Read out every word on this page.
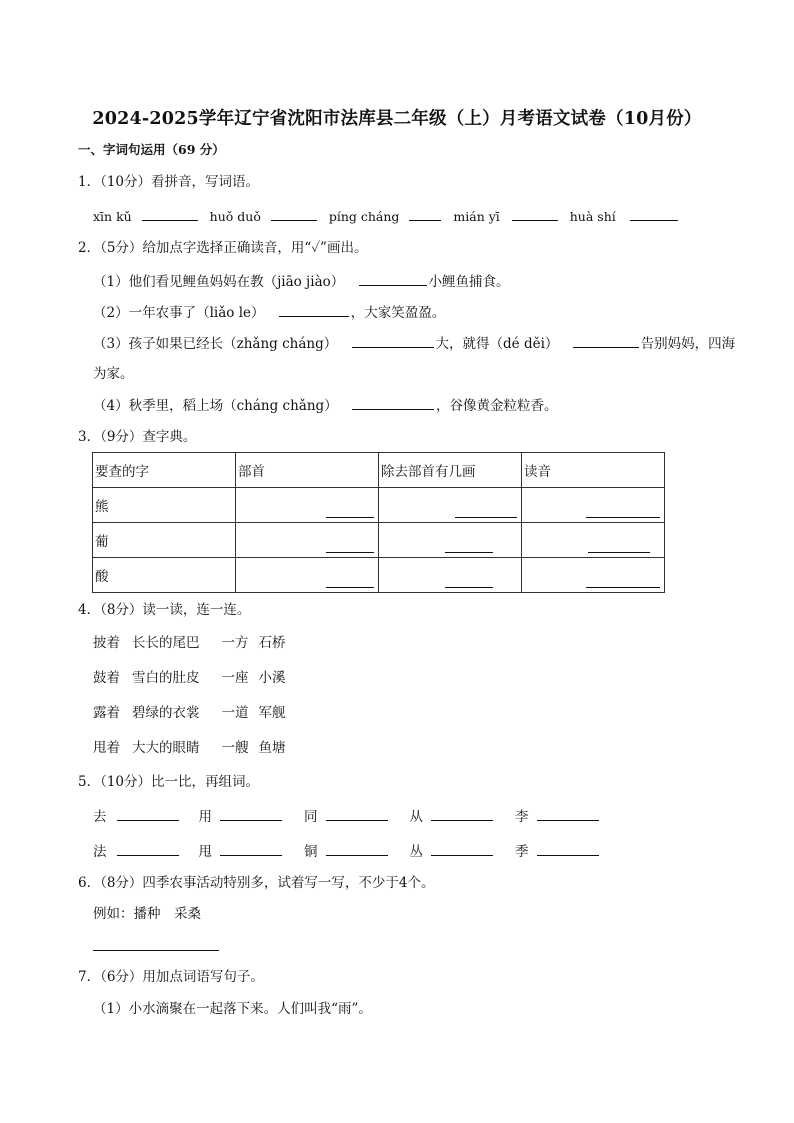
2024-2025学年辽宁省沈阳市法库县二年级（上）月考语文试卷（10月份）
一、字词句运用（69 分）
1．（10分）看拼音，写词语。
xīn kǔ	huǒ duǒ	píng cháng	mián yī	huà shí
2．（5分）给加点字选择正确读音，用“✓”画出。
（1）他们看见鲤鱼妈妈在教（jiāo jiào）	小鲤鱼捕食。
（2）一年农事了（liǎo le）	，大家笑盈盈。
（3）孩子如果已经长（zhǎng cháng）	大，就得（dé děi）	告别妈妈，四海
为家。
（4）秋季里，稻上场（cháng chǎng）	，谷像黄金粒粒香。
3．（9分）查字典。
要查的字	部首	除去部首有几画	读音
熊	

葡	

酸	

4．（8分）读一读，连一连。
披着 长长的尾巴 一方 石桥
鼓着 雪白的肚皮 一座 小溪
露着 碧绿的衣裳 一道 军舰
甩着 大大的眼睛 一艘 鱼塘
5．（10分）比一比，再组词。
去	用	同	从	李
法	甩	铜	丛	季
6．（8分）四季农事活动特别多，试着写一写，不少于4个。
例如：播种　采桑
7．（6分）用加点词语写句子。
（1）小水滴聚在一起落下来。人们叫我“雨”。
